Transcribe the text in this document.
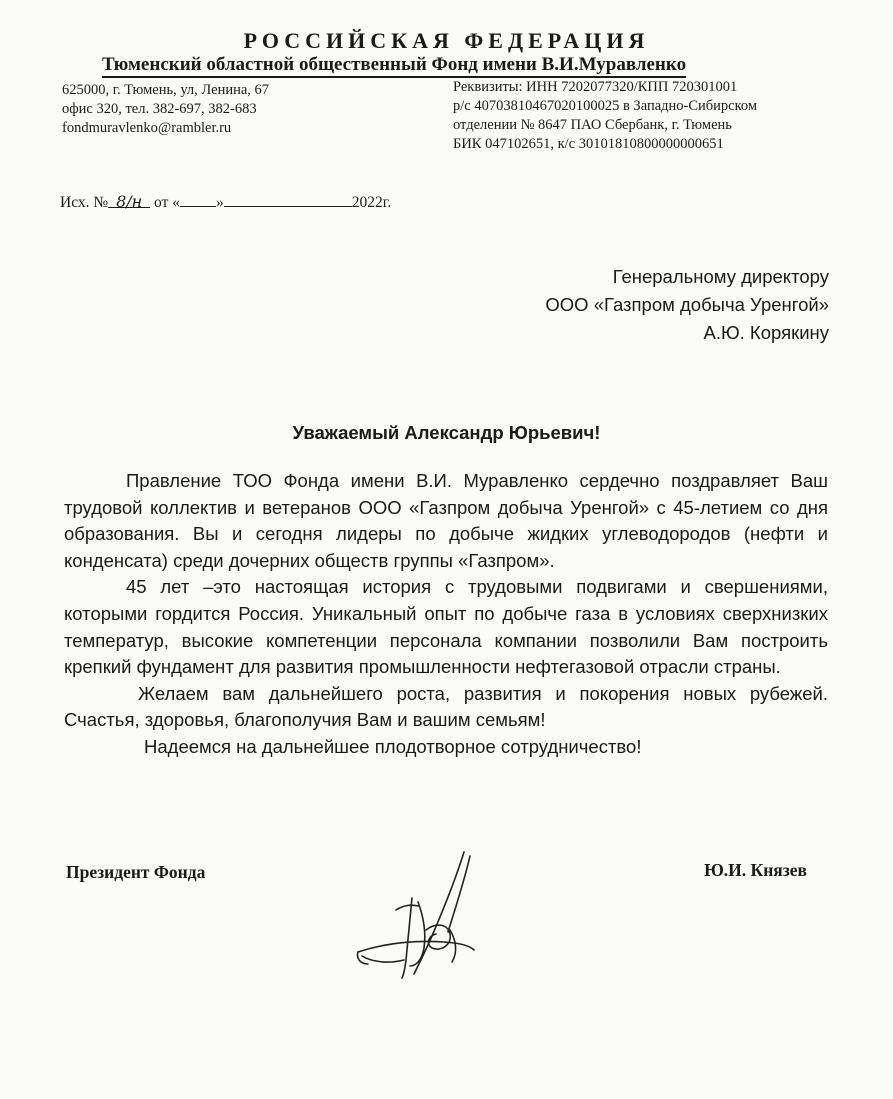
РОССИЙСКАЯ ФЕДЕРАЦИЯ
Тюменский областной общественный Фонд имени В.И.Муравленко
625000, г. Тюмень, ул, Ленина, 67
офис 320, тел. 382-697, 382-683
fondmuravlenko@rambler.ru
Реквизиты: ИНН 7202077320/КПП 720301001
р/с 40703810467020100025 в Западно-Сибирском
отделении № 8647 ПАО Сбербанк, г. Тюмень
БИК 047102651, к/с 30101810800000000651
Исх. № 8/н от « »	2022г.
Генеральному директору
ООО «Газпром добыча Уренгой»
А.Ю. Корякину
Уважаемый Александр Юрьевич!

Правление ТОО Фонда имени В.И. Муравленко сердечно поздравляет Ваш трудовой коллектив и ветеранов ООО «Газпром добыча Уренгой» с 45-летием со дня образования. Вы и сегодня лидеры по добыче жидких углеводородов (нефти и конденсата) среди дочерних обществ группы «Газпром».

45 лет –это настоящая история с трудовыми подвигами и свершениями, которыми гордится Россия. Уникальный опыт по добыче газа в условиях сверхнизких температур, высокие компетенции персонала компании позволили Вам построить крепкий фундамент для развития промышленности нефтегазовой отрасли страны.

Желаем вам дальнейшего роста, развития и покорения новых рубежей. Счастья, здоровья, благополучия Вам и вашим семьям!

Надеемся на дальнейшее плодотворное сотрудничество!

Президент Фонда	Ю.И. Князев
